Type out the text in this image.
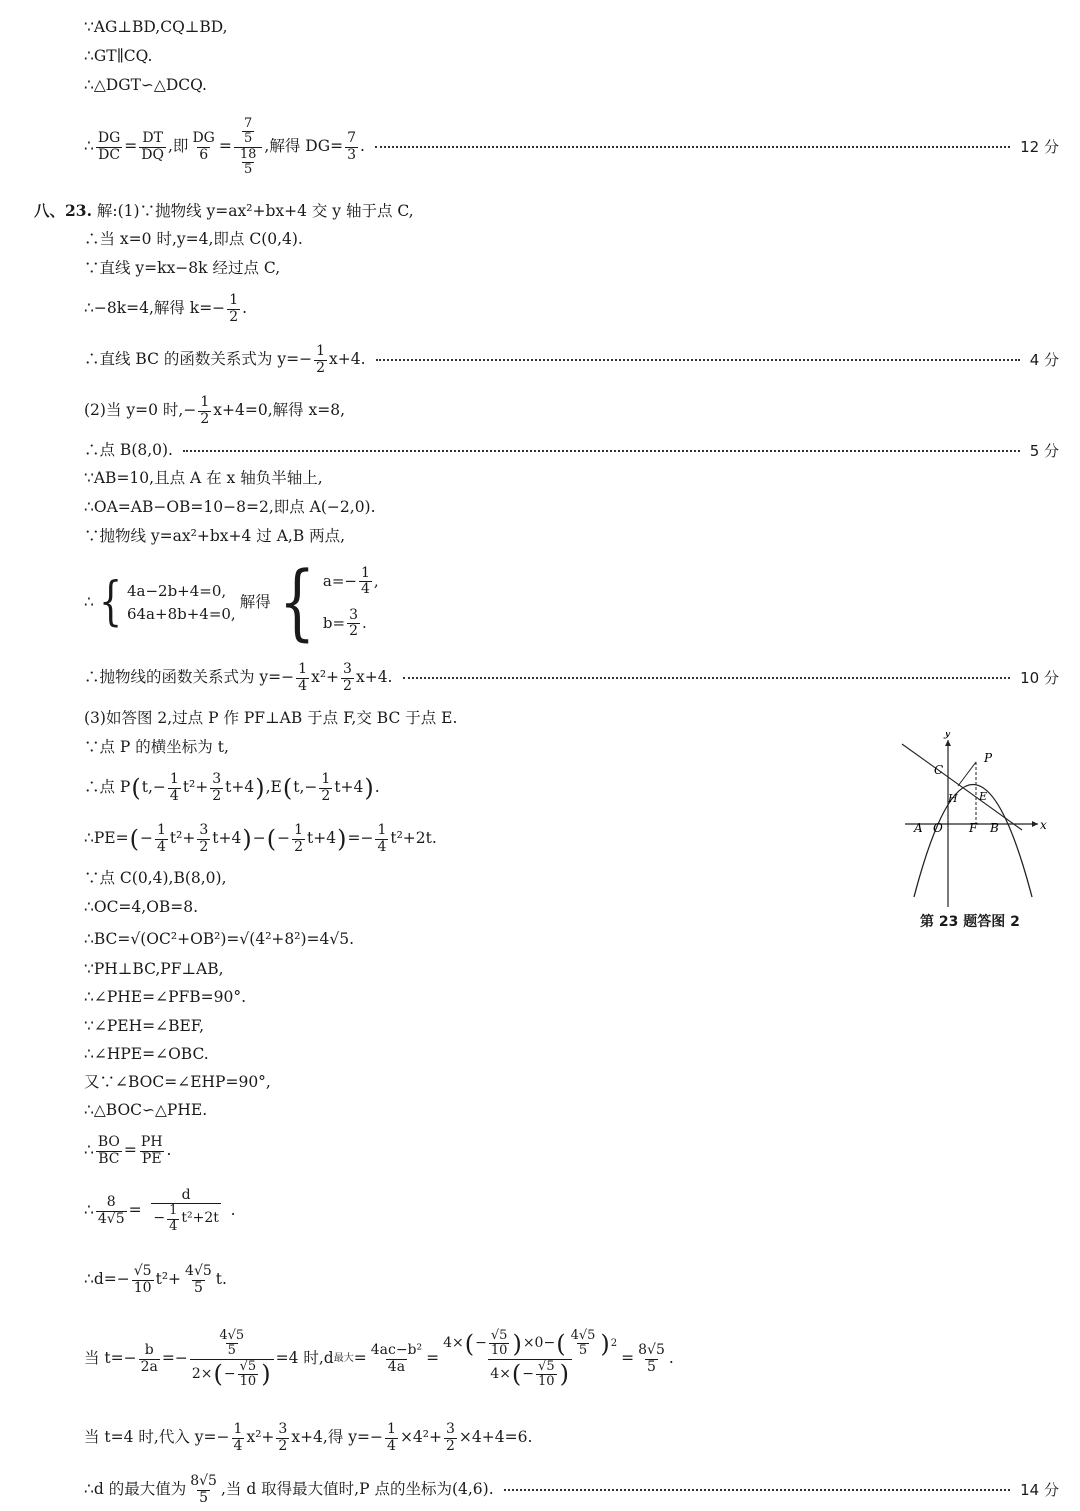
∵AG⊥BD,CQ⊥BD,
∴GT∥CQ.
∴△DGT∽△DCQ.
∴ $\frac{DG}{DC} = \frac{DT}{DQ}$ ,即 $\frac{DG}{6} = \frac{\frac{7}{5}}{\frac{18}{5}}$ ,解得 $DG= \frac{7}{3}$ .	12 分
八、23. 解:(1)∵抛物线 y=ax²+bx+4 交 y 轴于点 C,
∴当 x=0 时,y=4,即点 C(0,4).
∵直线 y=kx−8k 经过点 C,
∴−8k=4,解得 $k=- \frac{1}{2}$ .
∴直线 BC 的函数关系式为 $y=- \frac{1}{2} x+4$.	4 分
(2)当 y=0 时,− $\frac{1}{2} x+4=0$,解得 x=8,
∴点 B(8,0).	5 分
∵AB=10,且点 A 在 x 轴负半轴上,
∴OA=AB−OB=10−8=2,即点 A(−2,0).
∵抛物线 y=ax²+bx+4 过 A,B 两点,
∴ { 4a−2b+4=0,
64a+8b+4=0,
解得 { $a=- \frac{1}{4}$ ,
$b= \frac{3}{2}$ .
∴抛物线的函数关系式为 $y=- \frac{1}{4} x^2+ \frac{3}{2} x+4$.	10 分
(3)如答图 2,过点 P 作 PF⊥AB 于点 F,交 BC 于点 E.
∵点 P 的横坐标为 t,
∴点 P ( $t,- \frac{1}{4} t^2+ \frac{3}{2} t+4$ ) ,E ( $t,- \frac{1}{2} t+4$ ) .
∴PE= ( − $\frac{1}{4} t^2+ \frac{3}{2} t+4$ ) − ( − $\frac{1}{2} t+4$ ) =− $\frac{1}{4} t^2+2t$.
∵点 C(0,4),B(8,0),
∴OC=4,OB=8.
∴BC=√(OC²+OB²)=√(4²+8²)=4√5.
∵PH⊥BC,PF⊥AB,
∴∠PHE=∠PFB=90°.
∵∠PEH=∠BEF,
∴∠HPE=∠OBC.
又∵∠BOC=∠EHP=90°,
∴△BOC∽△PHE.
∴ $\frac{BO}{BC} = \frac{PH}{PE}$ .
∴ $\frac{8}{4√5} = \frac{d}{- \frac{1}{4} t^2+2t}$ .
∴d=− $\frac{√5}{10} t^2+ \frac{4√5}{5} t$.
当 $t=- \frac{b}{2a} =- \frac{\frac{4√5}{5}}{2\times ( - \frac{√5}{10} )} =4$ 时,d 最大 = $\frac{\text{4ac−b²}}{4a} = \frac{4\times ( - \frac{√5}{10} ) \times 0- ( \frac{4√5}{5} ) 2}{4\times ( - \frac{√5}{10} )} = \frac{8√5}{5}$ .
当 t=4 时,代入 $y=- \frac{1}{4} x^2+ \frac{3}{2} x+4$,得 $y=- \frac{1}{4} \times 4^2+ \frac{3}{2} \times 4+4=6$.
∴d 的最大值为 $\frac{8√5}{5}$ ,当 d 取得最大值时,P 点的坐标为(4,6).	14 分
y
x
P
C
H E
A O F B
第 23 题答图 2
